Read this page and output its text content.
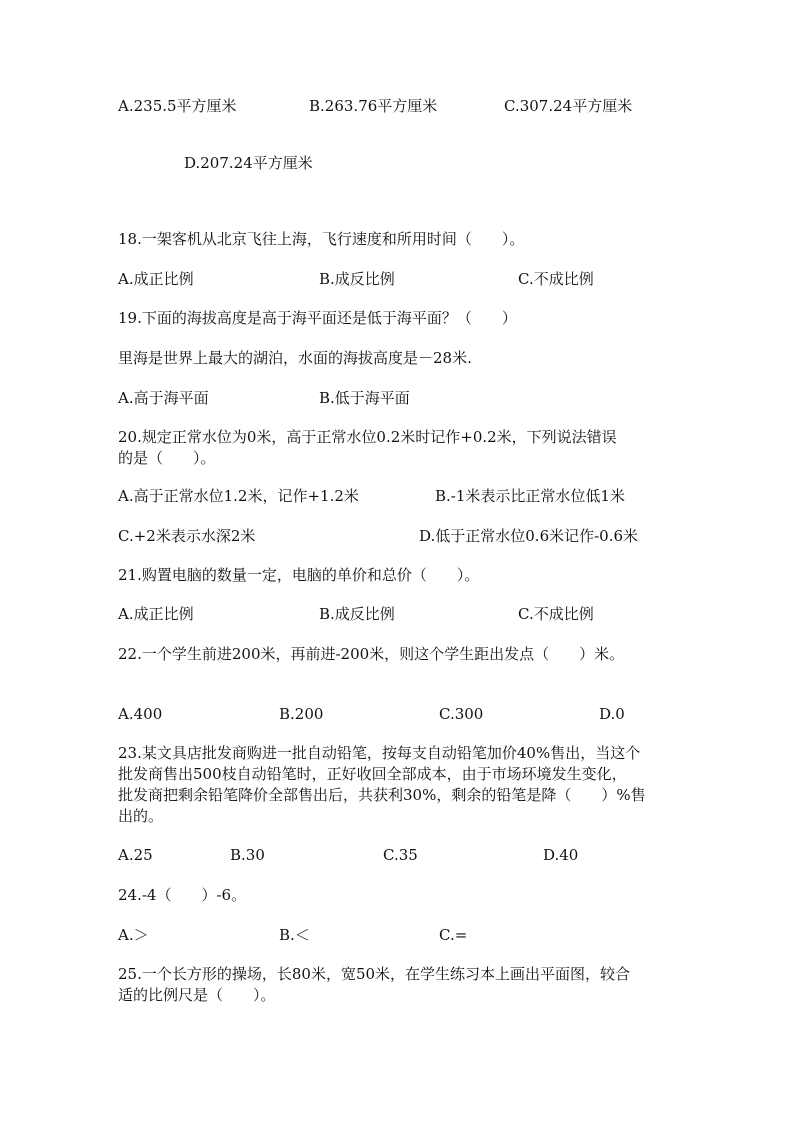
A.235.5平方厘米	B.263.76平方厘米	C.307.24平方厘米
D.207.24平方厘米
18.一架客机从北京飞往上海，飞行速度和所用时间（　　）。
A.成正比例	B.成反比例	C.不成比例
19.下面的海拔高度是高于海平面还是低于海平面？（　　）
里海是世界上最大的湖泊，水面的海拔高度是－28米.
A.高于海平面	B.低于海平面
20.规定正常水位为0米，高于正常水位0.2米时记作+0.2米，下列说法错误
的是（　　）。
A.高于正常水位1.2米，记作+1.2米	B.-1米表示比正常水位低1米
C.+2米表示水深2米	D.低于正常水位0.6米记作-0.6米
21.购置电脑的数量一定，电脑的单价和总价（　　）。
A.成正比例	B.成反比例	C.不成比例
22.一个学生前进200米，再前进-200米，则这个学生距出发点（　　）米。
A.400	B.200	C.300	D.0
23.某文具店批发商购进一批自动铅笔，按每支自动铅笔加价40%售出，当这个
批发商售出500枝自动铅笔时，正好收回全部成本，由于市场环境发生变化，
批发商把剩余铅笔降价全部售出后，共获利30%，剩余的铅笔是降（　　）%售
出的。
A.25	B.30	C.35	D.40
24.-4（　　）-6。
A.＞	B.＜	C.=
25.一个长方形的操场，长80米，宽50米，在学生练习本上画出平面图，较合
适的比例尺是（　　）。
